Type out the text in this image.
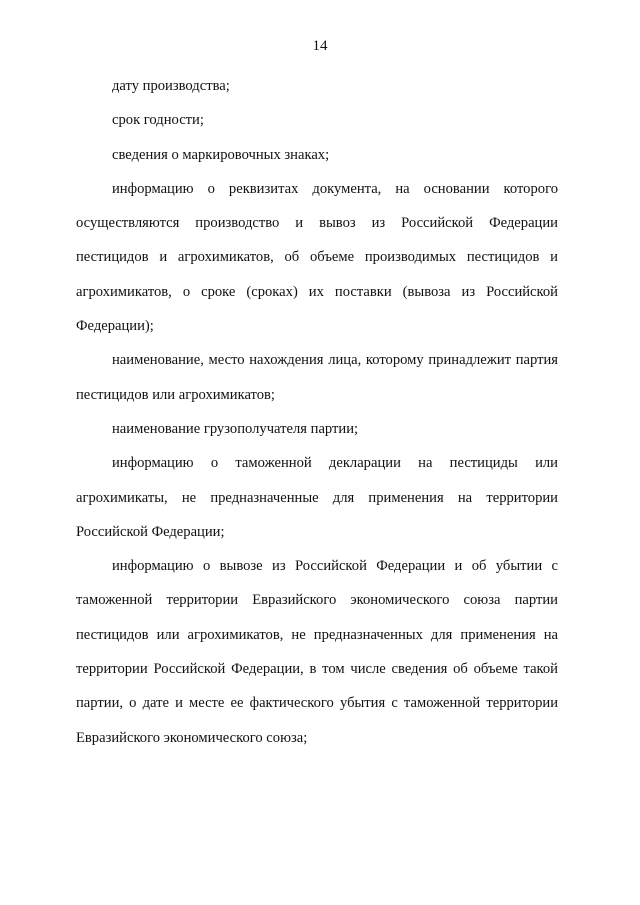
14

дату производства;

срок годности;

сведения о маркировочных знаках;

информацию о реквизитах документа, на основании которого осуществляются производство и вывоз из Российской Федерации пестицидов и агрохимикатов, об объеме производимых пестицидов и агрохимикатов, о сроке (сроках) их поставки (вывоза из Российской Федерации);

наименование, место нахождения лица, которому принадлежит партия пестицидов или агрохимикатов;

наименование грузополучателя партии;

информацию о таможенной декларации на пестициды или агрохимикаты, не предназначенные для применения на территории Российской Федерации;

информацию о вывозе из Российской Федерации и об убытии с таможенной территории Евразийского экономического союза партии пестицидов или агрохимикатов, не предназначенных для применения на территории Российской Федерации, в том числе сведения об объеме такой партии, о дате и месте ее фактического убытия с таможенной территории Евразийского экономического союза;
